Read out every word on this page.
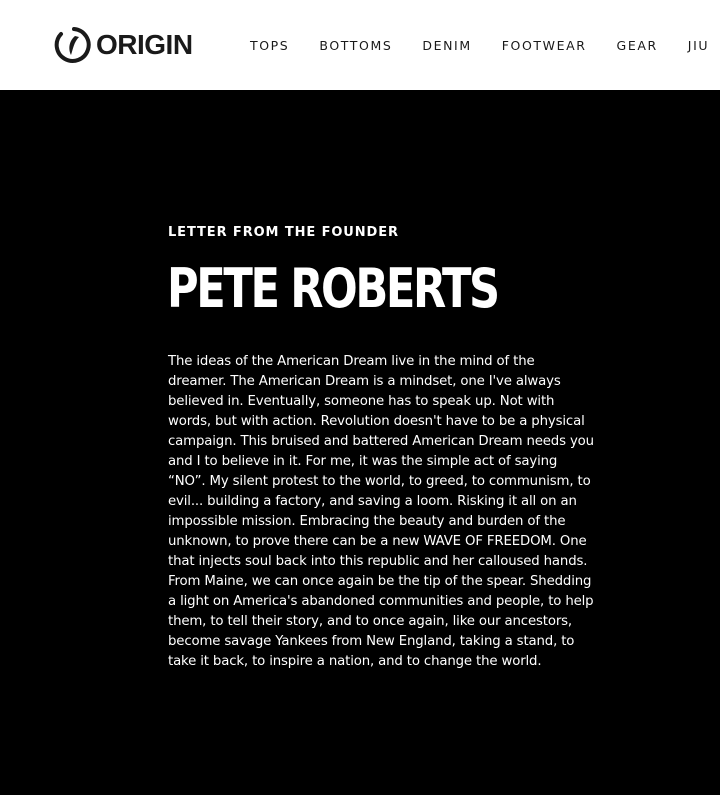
ORIGIN	TOPS BOTTOMS DENIM FOOTWEAR GEAR JIU
LETTER FROM THE FOUNDER
PETE ROBERTS

The ideas of the American Dream live in the mind of the dreamer. The American Dream is a mindset, one I've always believed in. Eventually, someone has to speak up. Not with words, but with action. Revolution doesn't have to be a physical campaign. This bruised and battered American Dream needs you and I to believe in it. For me, it was the simple act of saying “NO”. My silent protest to the world, to greed, to communism, to evil... building a factory, and saving a loom. Risking it all on an impossible mission. Embracing the beauty and burden of the unknown, to prove there can be a new WAVE OF FREEDOM. One that injects soul back into this republic and her calloused hands. From Maine, we can once again be the tip of the spear. Shedding a light on America's abandoned communities and people, to help them, to tell their story, and to once again, like our ancestors, become savage Yankees from New England, taking a stand, to take it back, to inspire a nation, and to change the world.
